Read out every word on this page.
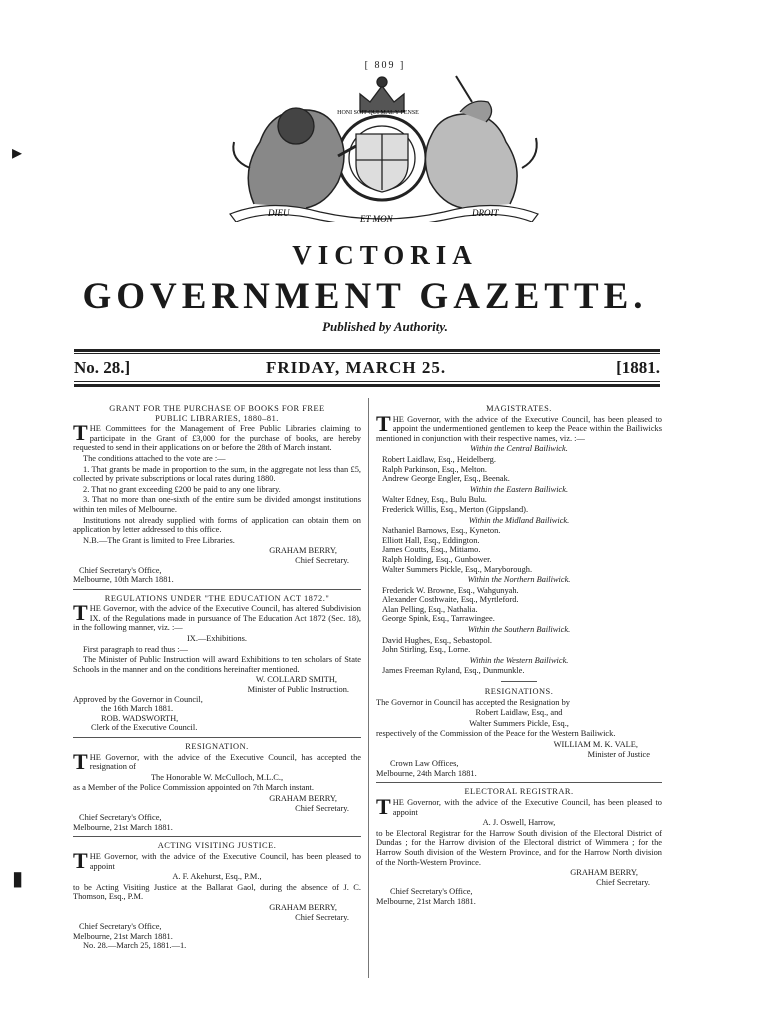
[ 809 ]
HONI SOIT QUI MAL Y PENSE
DIEU
ET MON
DROIT
VICTORIA
GOVERNMENT GAZETTE.
Published by Authority.
No. 28.]	FRIDAY, MARCH 25.	[1881.
GRANT FOR THE PURCHASE OF BOOKS FOR FREE
PUBLIC LIBRARIES, 1880–81.

THE Committees for the Management of Free Public Libraries claiming to participate in the Grant of £3,000 for the purchase of books, are hereby requested to send in their applications on or before the 28th of March instant.

The conditions attached to the vote are :—

1. That grants be made in proportion to the sum, in the aggregate not less than £5, collected by private subscriptions or local rates during 1880.

2. That no grant exceeding £200 be paid to any one library.

3. That no more than one-sixth of the entire sum be divided amongst institutions within ten miles of Melbourne.

Institutions not already supplied with forms of application can obtain them on application by letter addressed to this office.

N.B.—The Grant is limited to Free Libraries.

GRAHAM BERRY,

Chief Secretary.

Chief Secretary's Office,

Melbourne, 10th March 1881.

REGULATIONS UNDER "THE EDUCATION ACT 1872."

THE Governor, with the advice of the Executive Council, has altered Subdivision IX. of the Regulations made in pursuance of The Education Act 1872 (Sec. 18), in the following manner, viz. :—

IX.—Exhibitions.

First paragraph to read thus :—

The Minister of Public Instruction will award Exhibitions to ten scholars of State Schools in the manner and on the conditions hereinafter mentioned.

W. COLLARD SMITH,

Minister of Public Instruction.

Approved by the Governor in Council,

the 16th March 1881.

ROB. WADSWORTH,

Clerk of the Executive Council.

RESIGNATION.

THE Governor, with the advice of the Executive Council, has accepted the resignation of

The Honorable W. McCulloch, M.L.C.,

as a Member of the Police Commission appointed on 7th March instant.

GRAHAM BERRY,

Chief Secretary.

Chief Secretary's Office,

Melbourne, 21st March 1881.

ACTING VISITING JUSTICE.

THE Governor, with the advice of the Executive Council, has been pleased to appoint

A. F. Akehurst, Esq., P.M.,

to be Acting Visiting Justice at the Ballarat Gaol, during the absence of J. C. Thomson, Esq., P.M.

GRAHAM BERRY,

Chief Secretary.

Chief Secretary's Office,

Melbourne, 21st March 1881.

No. 28.—March 25, 1881.—1.

MAGISTRATES.

THE Governor, with the advice of the Executive Council, has been pleased to appoint the undermentioned gentlemen to keep the Peace within the Bailiwicks mentioned in conjunction with their respective names, viz. :—

Within the Central Bailiwick.

Robert Laidlaw, Esq., Heidelberg.

Ralph Parkinson, Esq., Melton.

Andrew George Engler, Esq., Beenak.

Within the Eastern Bailiwick.

Walter Edney, Esq., Bulu Bulu.

Frederick Willis, Esq., Merton (Gippsland).

Within the Midland Bailiwick.

Nathaniel Barnows, Esq., Kyneton.

Elliott Hall, Esq., Eddington.

James Coutts, Esq., Mitiamo.

Ralph Holding, Esq., Gunbower.

Walter Summers Pickle, Esq., Maryborough.

Within the Northern Bailiwick.

Frederick W. Browne, Esq., Wahgunyah.

Alexander Costhwaite, Esq., Myrtleford.

Alan Pelling, Esq., Nathalia.

George Spink, Esq., Tarrawingee.

Within the Southern Bailiwick.

David Hughes, Esq., Sebastopol.

John Stirling, Esq., Lorne.

Within the Western Bailiwick.

James Freeman Ryland, Esq., Dunmunkle.

RESIGNATIONS.

The Governor in Council has accepted the Resignation by

Robert Laidlaw, Esq., and

Walter Summers Pickle, Esq.,

respectively of the Commission of the Peace for the Western Bailiwick.

WILLIAM M. K. VALE,

Minister of Justice

Crown Law Offices,

Melbourne, 24th March 1881.

ELECTORAL REGISTRAR.

THE Governor, with the advice of the Executive Council, has been pleased to appoint

A. J. Oswell, Harrow,

to be Electoral Registrar for the Harrow South division of the Electoral District of Dundas ; for the Harrow division of the Electoral district of Wimmera ; for the Harrow South division of the Western Province, and for the Harrow North division of the North-Western Province.

GRAHAM BERRY,

Chief Secretary.

Chief Secretary's Office,

Melbourne, 21st March 1881.

▸
▮
